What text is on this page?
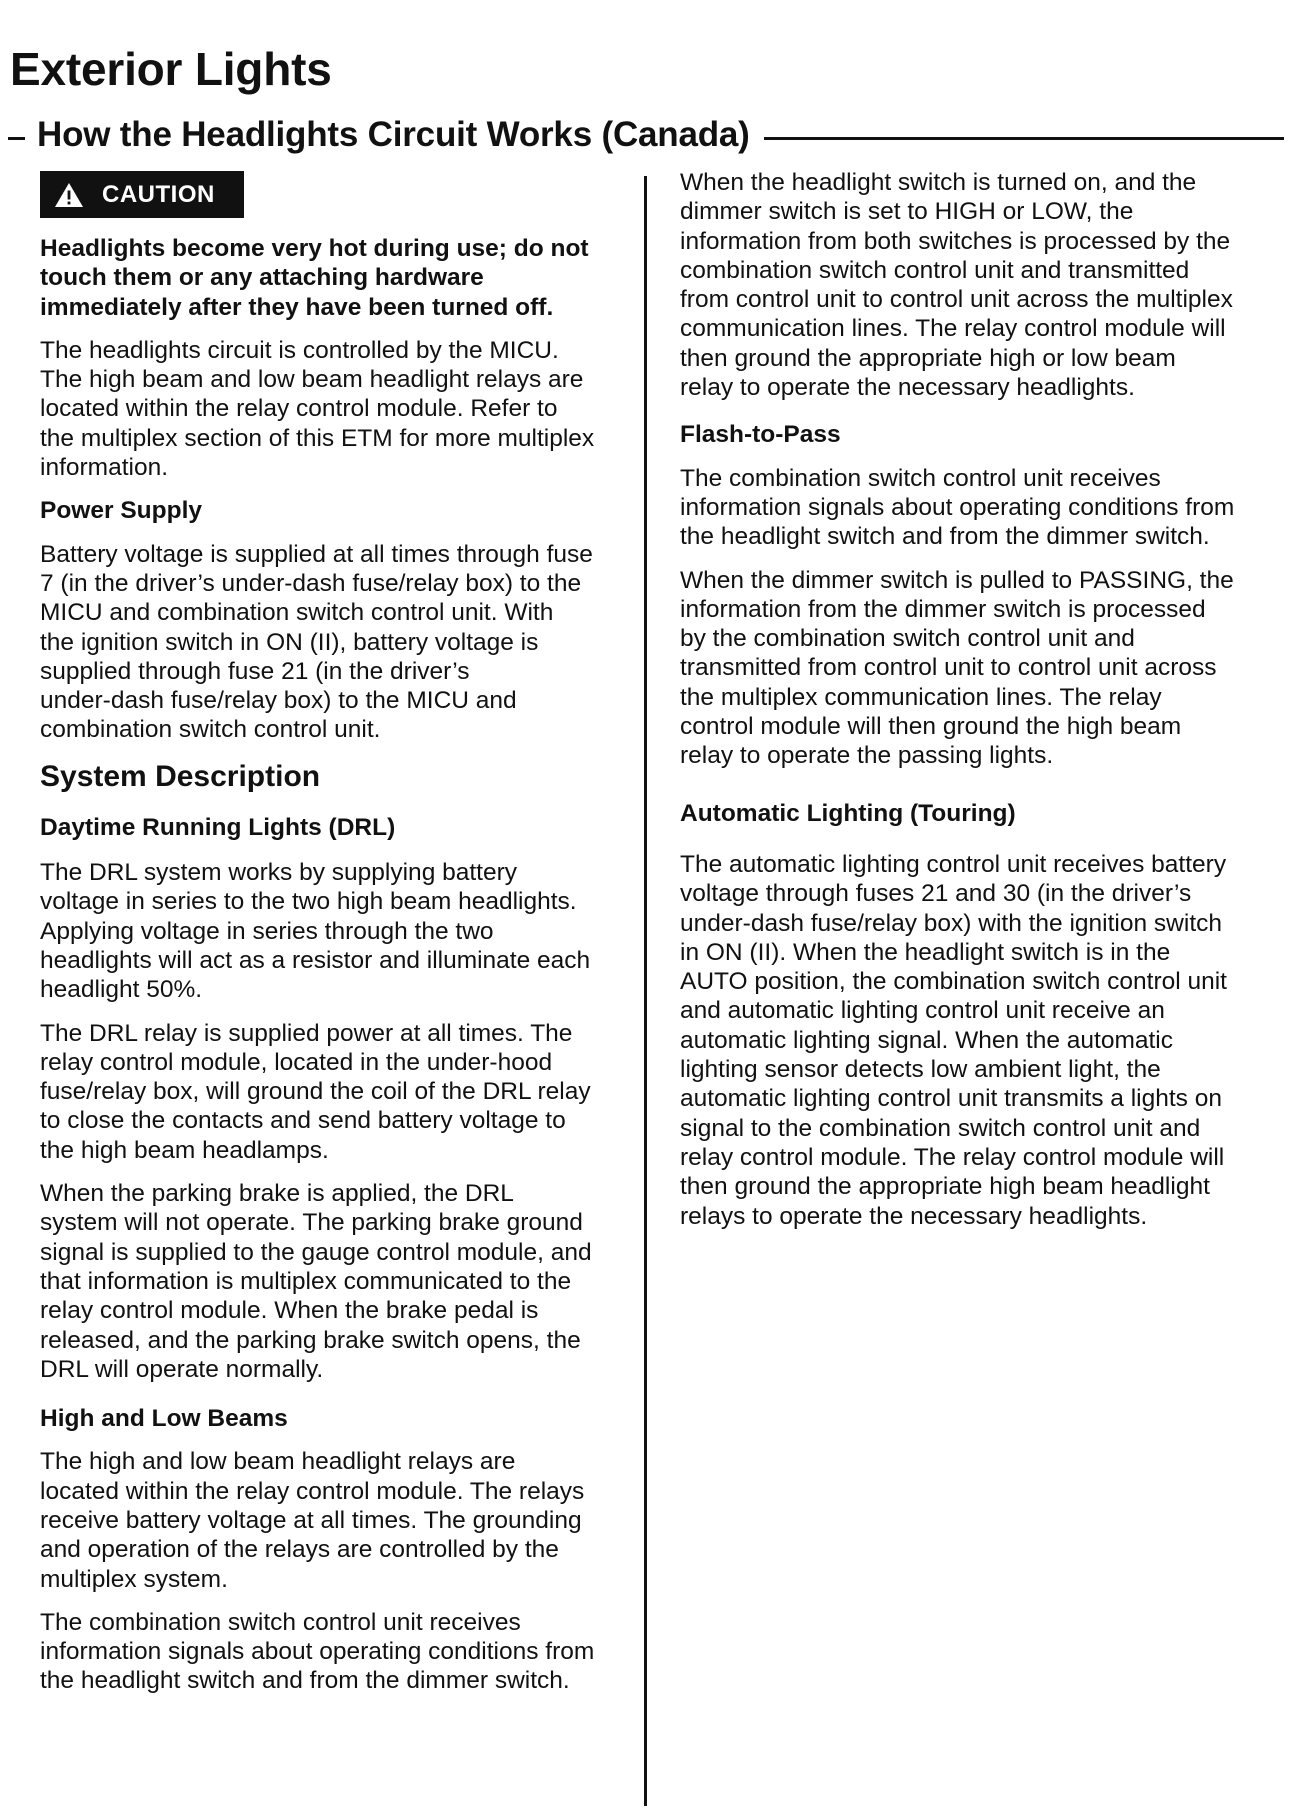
Exterior Lights
How the Headlights Circuit Works (Canada)
CAUTION

Headlights become very hot during use; do not
touch them or any attaching hardware
immediately after they have been turned off.

The headlights circuit is controlled by the MICU.
The high beam and low beam headlight relays are
located within the relay control module. Refer to
the multiplex section of this ETM for more multiplex
information.

Power Supply

Battery voltage is supplied at all times through fuse
7 (in the driver’s under-dash fuse/relay box) to the
MICU and combination switch control unit. With
the ignition switch in ON (II), battery voltage is
supplied through fuse 21 (in the driver’s
under-dash fuse/relay box) to the MICU and
combination switch control unit.

System Description
Daytime Running Lights (DRL)

The DRL system works by supplying battery
voltage in series to the two high beam headlights.
Applying voltage in series through the two
headlights will act as a resistor and illuminate each
headlight 50%.

The DRL relay is supplied power at all times. The
relay control module, located in the under-hood
fuse/relay box, will ground the coil of the DRL relay
to close the contacts and send battery voltage to
the high beam headlamps.

When the parking brake is applied, the DRL
system will not operate. The parking brake ground
signal is supplied to the gauge control module, and
that information is multiplex communicated to the
relay control module. When the brake pedal is
released, and the parking brake switch opens, the
DRL will operate normally.

High and Low Beams

The high and low beam headlight relays are
located within the relay control module. The relays
receive battery voltage at all times. The grounding
and operation of the relays are controlled by the
multiplex system.

The combination switch control unit receives
information signals about operating conditions from
the headlight switch and from the dimmer switch.

When the headlight switch is turned on, and the
dimmer switch is set to HIGH or LOW, the
information from both switches is processed by the
combination switch control unit and transmitted
from control unit to control unit across the multiplex
communication lines. The relay control module will
then ground the appropriate high or low beam
relay to operate the necessary headlights.

Flash-to-Pass

The combination switch control unit receives
information signals about operating conditions from
the headlight switch and from the dimmer switch.

When the dimmer switch is pulled to PASSING, the
information from the dimmer switch is processed
by the combination switch control unit and
transmitted from control unit to control unit across
the multiplex communication lines. The relay
control module will then ground the high beam
relay to operate the passing lights.

Automatic Lighting (Touring)

The automatic lighting control unit receives battery
voltage through fuses 21 and 30 (in the driver’s
under-dash fuse/relay box) with the ignition switch
in ON (II). When the headlight switch is in the
AUTO position, the combination switch control unit
and automatic lighting control unit receive an
automatic lighting signal. When the automatic
lighting sensor detects low ambient light, the
automatic lighting control unit transmits a lights on
signal to the combination switch control unit and
relay control module. The relay control module will
then ground the appropriate high beam headlight
relays to operate the necessary headlights.
